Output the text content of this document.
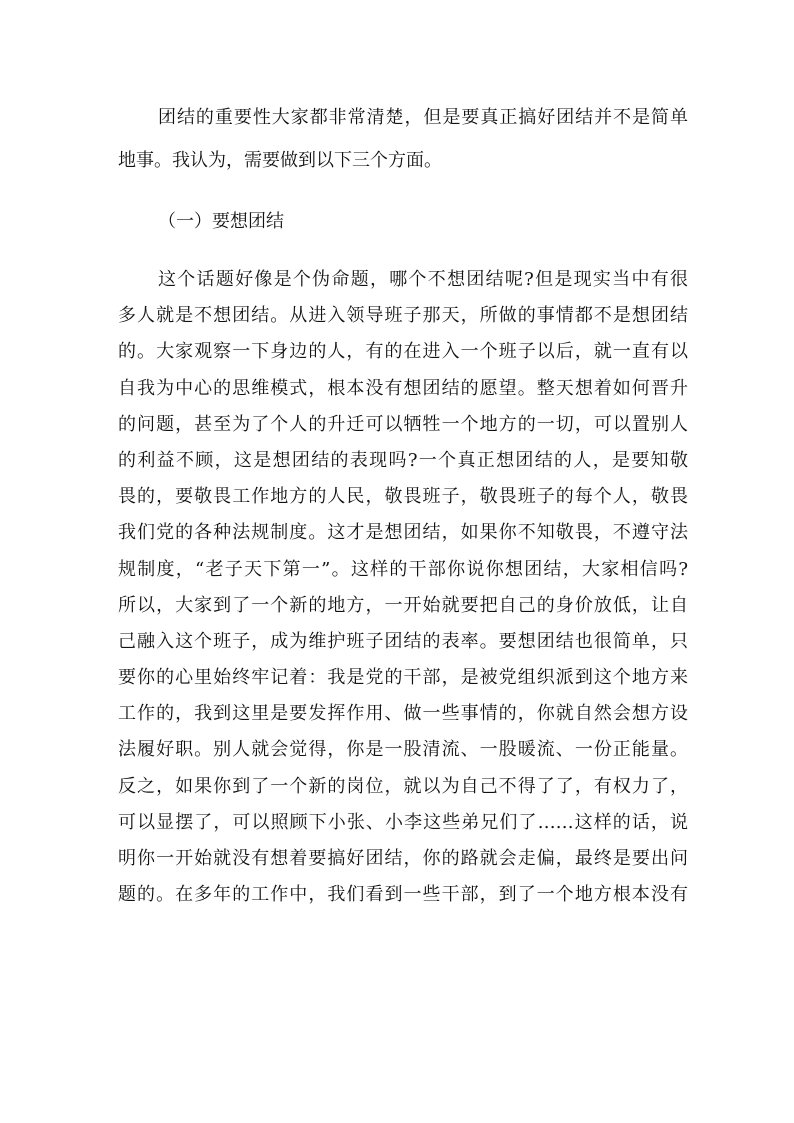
团结的重要性大家都非常清楚，但是要真正搞好团结并不是简单
地事。我认为，需要做到以下三个方面。
（一）要想团结
这个话题好像是个伪命题，哪个不想团结呢?但是现实当中有很
多人就是不想团结。从进入领导班子那天，所做的事情都不是想团结
的。大家观察一下身边的人，有的在进入一个班子以后，就一直有以
自我为中心的思维模式，根本没有想团结的愿望。整天想着如何晋升
的问题，甚至为了个人的升迁可以牺牲一个地方的一切，可以置别人
的利益不顾，这是想团结的表现吗?一个真正想团结的人，是要知敬
畏的，要敬畏工作地方的人民，敬畏班子，敬畏班子的每个人，敬畏
我们党的各种法规制度。这才是想团结，如果你不知敬畏，不遵守法
规制度，“老子天下第一”。这样的干部你说你想团结，大家相信吗?
所以，大家到了一个新的地方，一开始就要把自己的身价放低，让自
己融入这个班子，成为维护班子团结的表率。要想团结也很简单，只
要你的心里始终牢记着：我是党的干部，是被党组织派到这个地方来
工作的，我到这里是要发挥作用、做一些事情的，你就自然会想方设
法履好职。别人就会觉得，你是一股清流、一股暖流、一份正能量。
反之，如果你到了一个新的岗位，就以为自己不得了了，有权力了，
可以显摆了，可以照顾下小张、小李这些弟兄们了……这样的话，说
明你一开始就没有想着要搞好团结，你的路就会走偏，最终是要出问
题的。在多年的工作中，我们看到一些干部，到了一个地方根本没有
